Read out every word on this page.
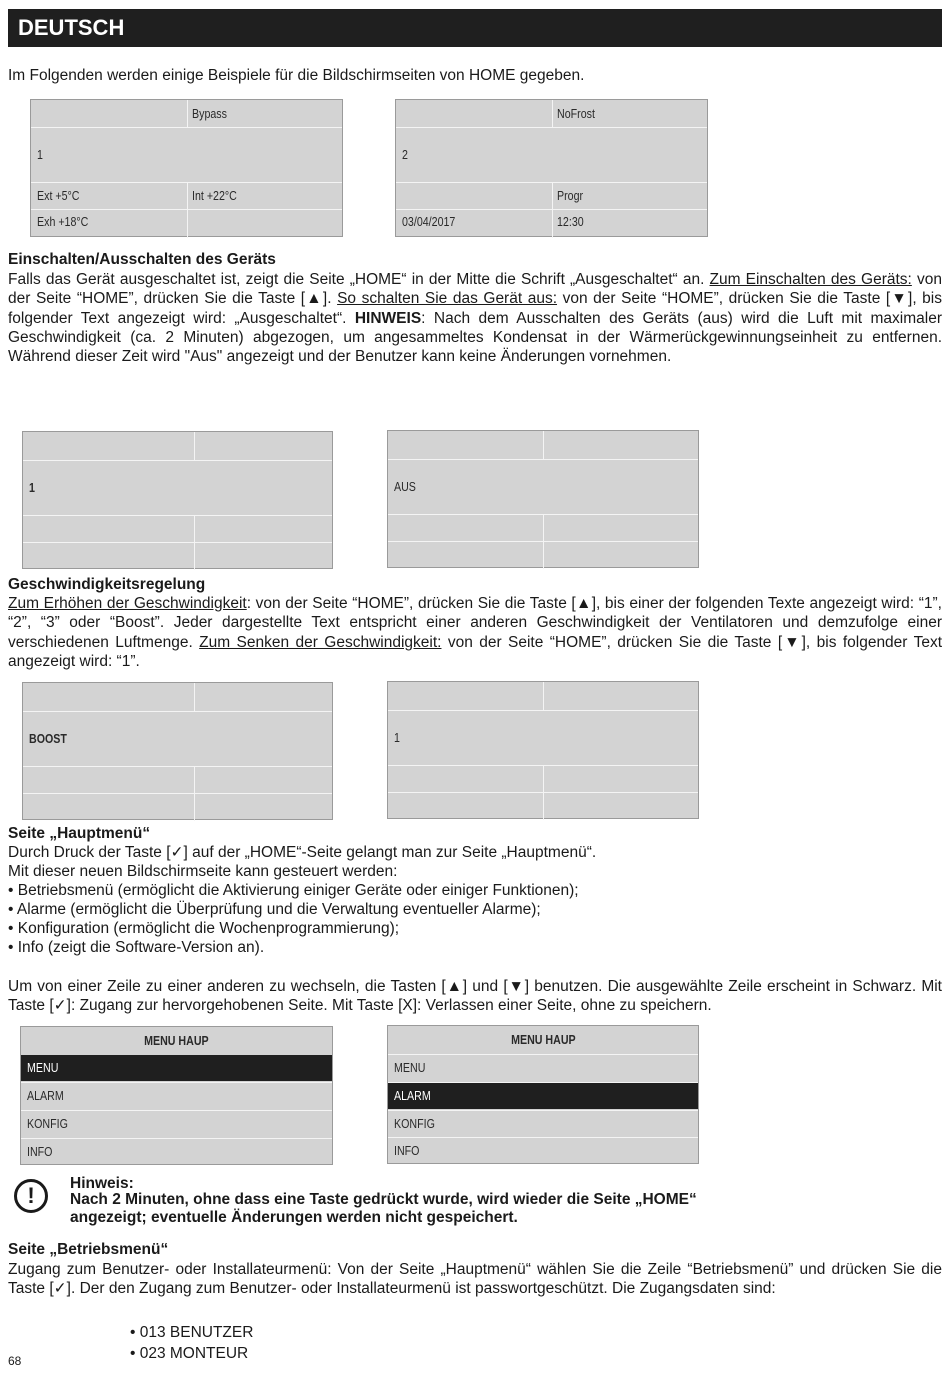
DEUTSCH

Im Folgenden werden einige Beispiele für die Bildschirmseiten von HOME gegeben.

Bypass
1
Ext +5°C	Int +22°C
Exh +18°C
NoFrost
2
Progr
03/04/2017	12:30

Einschalten/Ausschalten des Geräts

Falls das Gerät ausgeschaltet ist, zeigt die Seite „HOME“ in der Mitte die Schrift „Ausgeschaltet“ an. Zum Einschalten des Geräts: von der Seite “HOME”, drücken Sie die Taste [▲]. So schalten Sie das Gerät aus: von der Seite “HOME”, drücken Sie die Taste [▼], bis folgender Text angezeigt wird: „Ausgeschaltet“. HINWEIS: Nach dem Ausschalten des Geräts (aus) wird die Luft mit maximaler Geschwindigkeit (ca. 2 Minuten) abgezogen, um angesammeltes Kondensat in der Wärmerückgewinnungseinheit zu entfernen. Während dieser Zeit wird "Aus" angezeigt und der Benutzer kann keine Änderungen vornehmen.

1	AUS

Geschwindigkeitsregelung

Zum Erhöhen der Geschwindigkeit: von der Seite “HOME”, drücken Sie die Taste [▲], bis einer der folgenden Texte angezeigt wird: “1”, “2”, “3” oder “Boost”. Jeder dargestellte Text entspricht einer anderen Geschwindigkeit der Ventilatoren und demzufolge einer verschiedenen Luftmenge. Zum Senken der Geschwindigkeit: von der Seite “HOME”, drücken Sie die Taste [▼], bis folgender Text angezeigt wird: “1”.

BOOST	1

Seite „Hauptmenü“

Durch Druck der Taste [✓] auf der „HOME“-Seite gelangt man zur Seite „Hauptmenü“.

Mit dieser neuen Bildschirmseite kann gesteuert werden:

• Betriebsmenü (ermöglicht die Aktivierung einiger Geräte oder einiger Funktionen);

• Alarme (ermöglicht die Überprüfung und die Verwaltung eventueller Alarme);

• Konfiguration (ermöglicht die Wochenprogrammierung);

• Info (zeigt die Software-Version an).

Um von einer Zeile zu einer anderen zu wechseln, die Tasten [▲] und [▼] benutzen. Die ausgewählte Zeile erscheint in Schwarz. Mit Taste [✓]: Zugang zur hervorgehobenen Seite. Mit Taste [X]: Verlassen einer Seite, ohne zu speichern.

MENU HAUP
MENU
ALARM
KONFIG
INFO
MENU HAUP
MENU
ALARM
KONFIG
INFO
!	Hinweis:

Nach 2 Minuten, ohne dass eine Taste gedrückt wurde, wird wieder die Seite „HOME“

angezeigt; eventuelle Änderungen werden nicht gespeichert.

Seite „Betriebsmenü“

Zugang zum Benutzer- oder Installateurmenü: Von der Seite „Hauptmenü“ wählen Sie die Zeile “Betriebsmenü” und drücken Sie die Taste [✓]. Der den Zugang zum Benutzer- oder Installateurmenü ist passwortgeschützt. Die Zugangsdaten sind:

• 013 BENUTZER

• 023 MONTEUR

68
